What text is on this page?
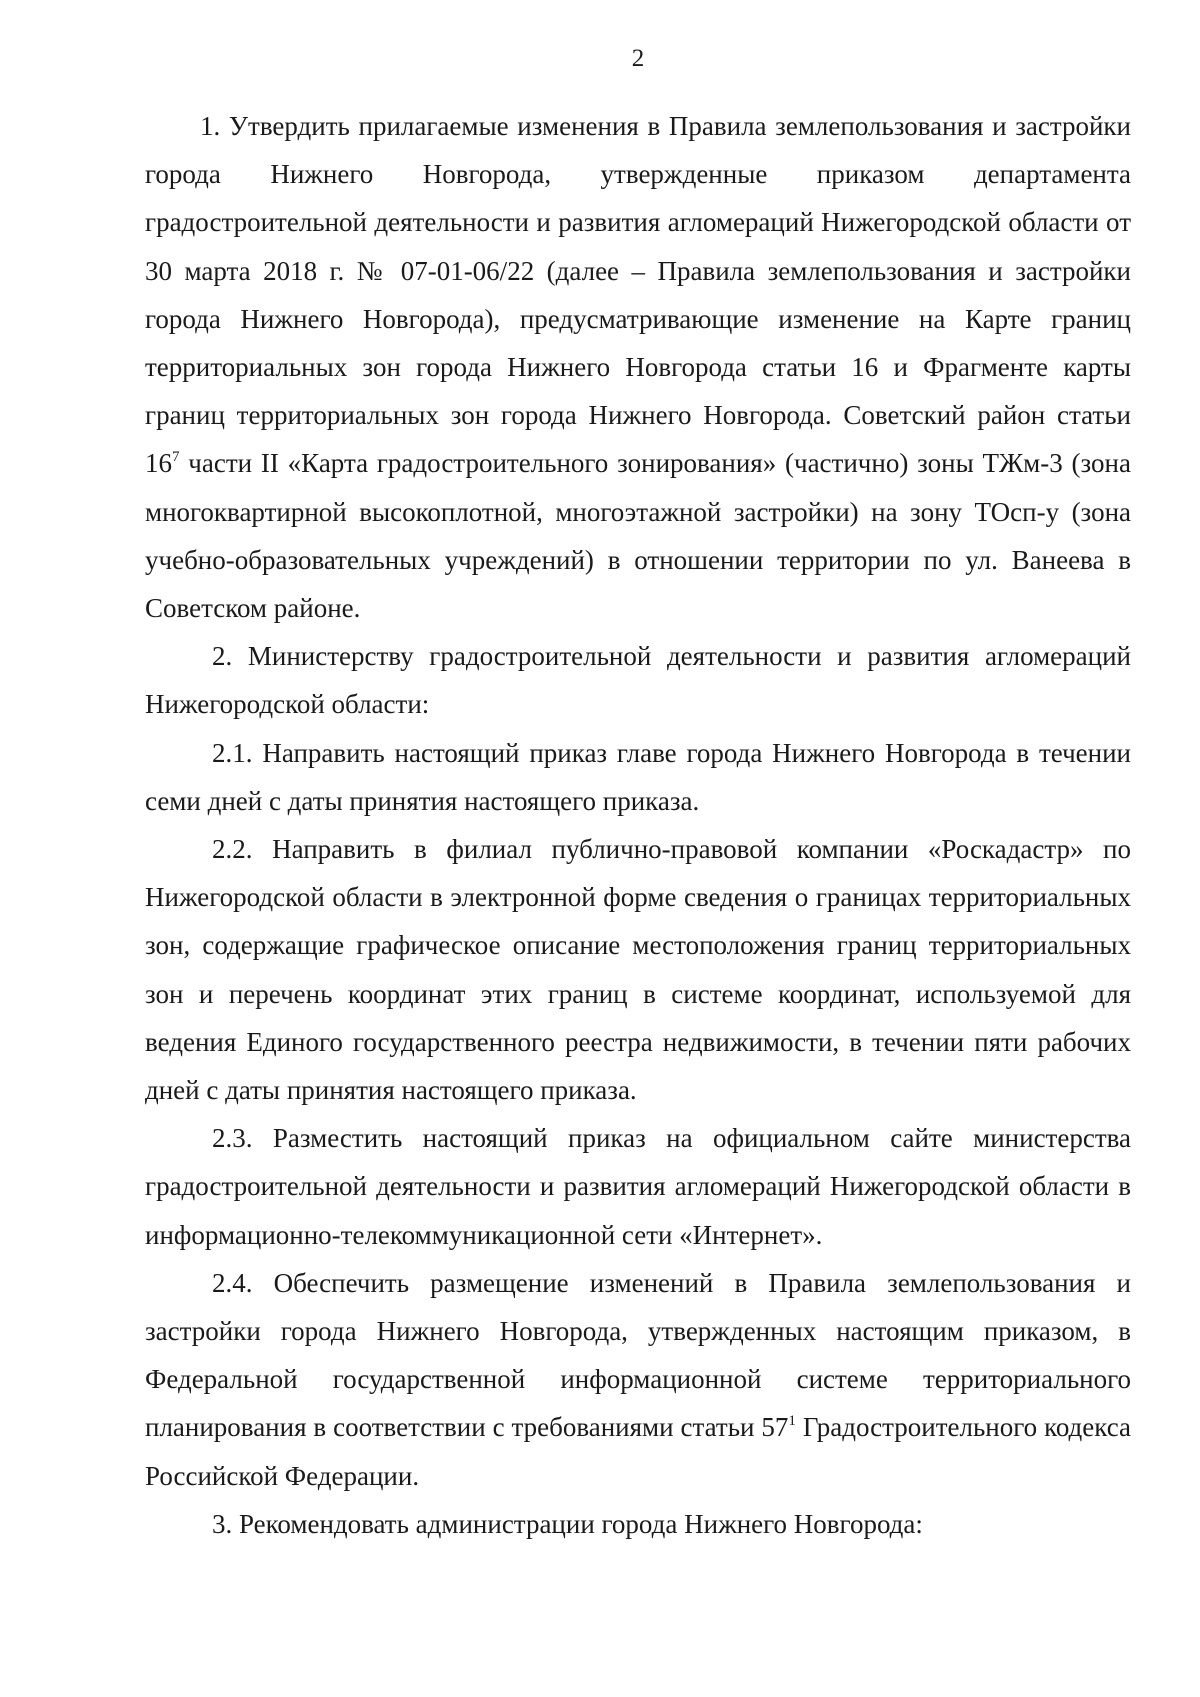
2

1. Утвердить прилагаемые изменения в Правила землепользования и застройки города Нижнего Новгорода, утвержденные приказом департамента градостроительной деятельности и развития агломераций Нижегородской области от 30 марта 2018 г. № 07-01-06/22 (далее – Правила землепользования и застройки города Нижнего Новгорода), предусматривающие изменение на Карте границ территориальных зон города Нижнего Новгорода статьи 16 и Фрагменте карты границ территориальных зон города Нижнего Новгорода. Советский район статьи $16^7$ части II «Карта градостроительного зонирования» (частично) зоны ТЖм-3 (зона многоквартирной высокоплотной, многоэтажной застройки) на зону ТОсп-у (зона учебно-образовательных учреждений) в отношении территории по ул. Ванеева в Советском районе.

2. Министерству градостроительной деятельности и развития агломераций Нижегородской области:

2.1. Направить настоящий приказ главе города Нижнего Новгорода в течении семи дней с даты принятия настоящего приказа.

2.2. Направить в филиал публично-правовой компании «Роскадастр» по Нижегородской области в электронной форме сведения о границах территориальных зон, содержащие графическое описание местоположения границ территориальных зон и перечень координат этих границ в системе координат, используемой для ведения Единого государственного реестра недвижимости, в течении пяти рабочих дней с даты принятия настоящего приказа.

2.3. Разместить настоящий приказ на официальном сайте министерства градостроительной деятельности и развития агломераций Нижегородской области в информационно-телекоммуникационной сети «Интернет».

2.4. Обеспечить размещение изменений в Правила землепользования и застройки города Нижнего Новгорода, утвержденных настоящим приказом, в Федеральной государственной информационной системе территориального планирования в соответствии с требованиями статьи $57^1$ Градостроительного кодекса Российской Федерации.

3. Рекомендовать администрации города Нижнего Новгорода:
